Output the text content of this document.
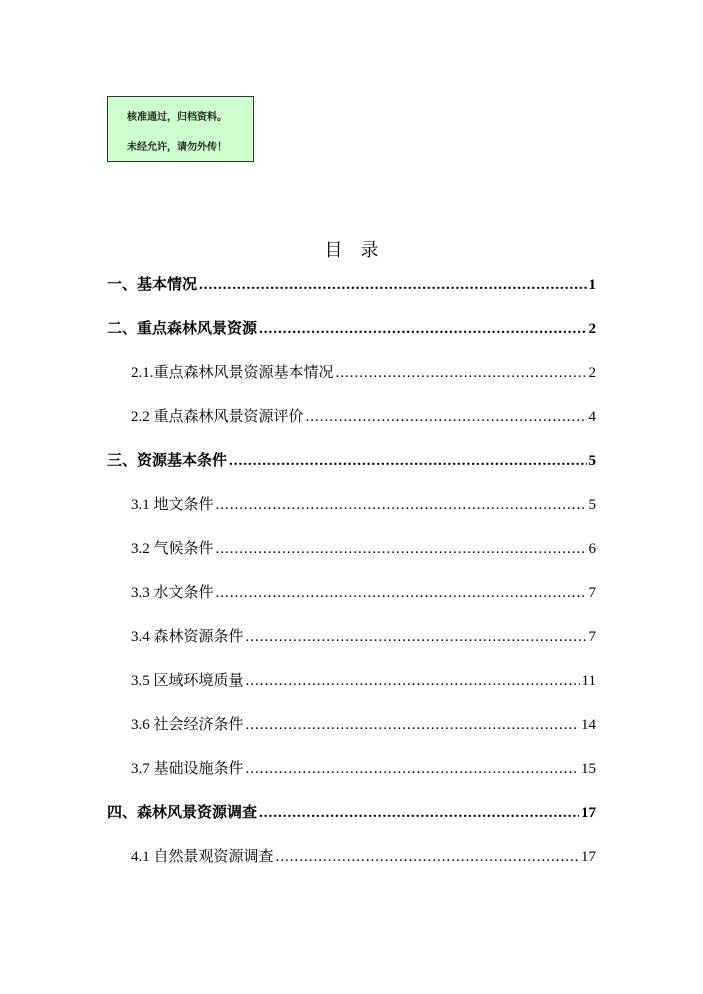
核准通过，归档资料。
未经允许，请勿外传！
目录
一、基本情况 .....	1
二、重点森林风景资源 .....	2
2.1.重点森林风景资源基本情况 .....	2
2.2 重点森林风景资源评价 .....	4
三、资源基本条件 .....	5
3.1 地文条件 .....	5
3.2 气候条件 .....	6
3.3 水文条件 .....	7
3.4 森林资源条件 .....	7
3.5 区域环境质量 .....	11
3.6 社会经济条件 .....	14
3.7 基础设施条件 .....	15
四、森林风景资源调查 .....	17
4.1 自然景观资源调查 .....	17
